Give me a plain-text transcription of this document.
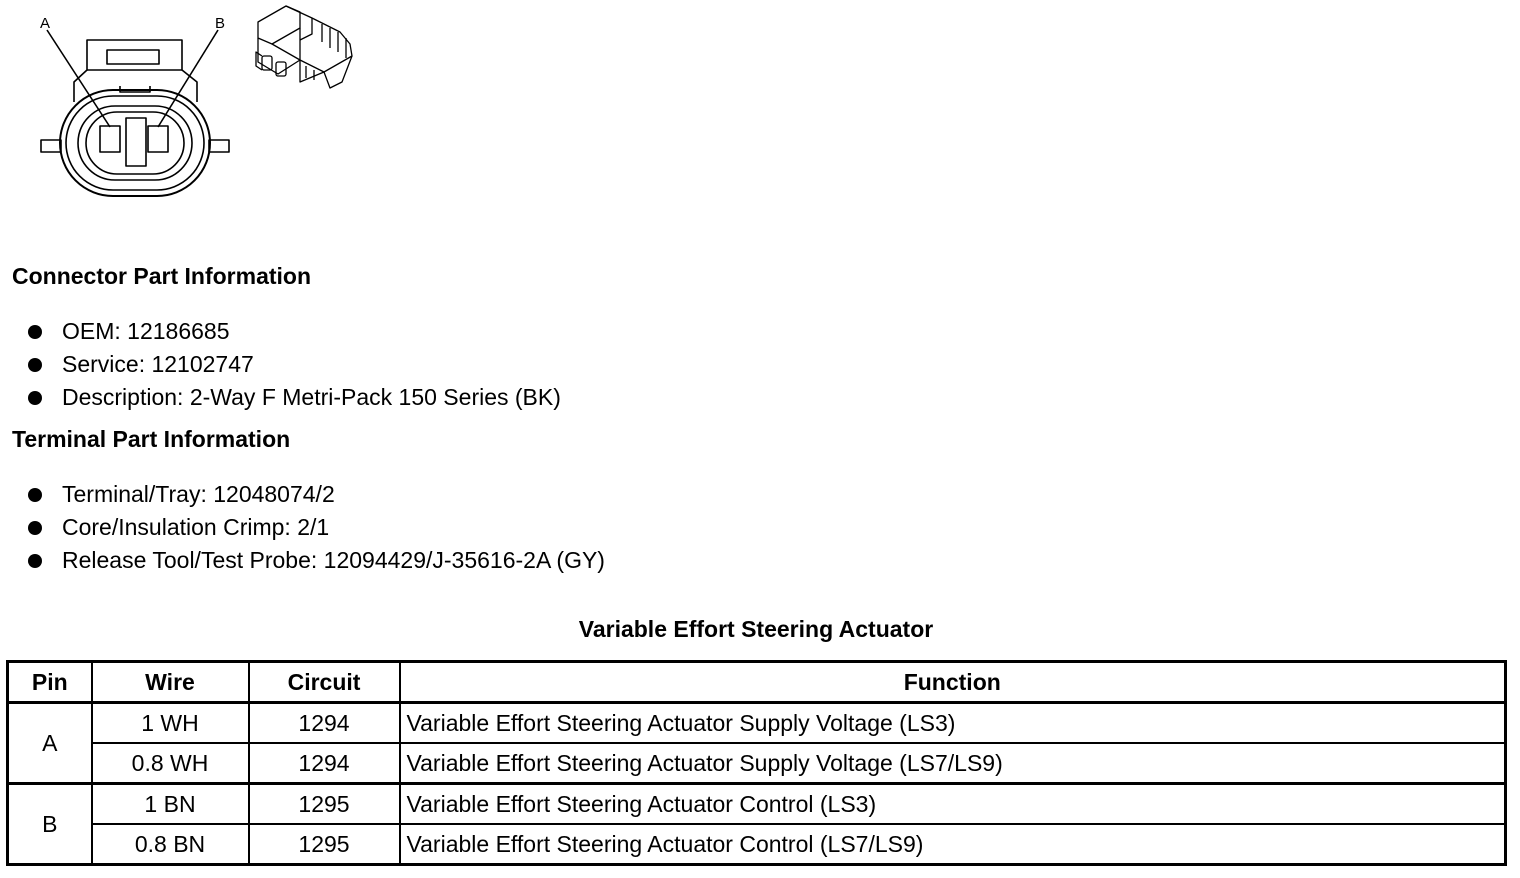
A	B
Connector Part Information
OEM: 12186685
Service: 12102747
Description: 2-Way F Metri-Pack 150 Series (BK)
Terminal Part Information
Terminal/Tray: 12048074/2
Core/Insulation Crimp: 2/1
Release Tool/Test Probe: 12094429/J-35616-2A (GY)
Variable Effort Steering Actuator
Pin	Wire	Circuit	Function
A	1 WH	1294	Variable Effort Steering Actuator Supply Voltage (LS3)
	0.8 WH	1294	Variable Effort Steering Actuator Supply Voltage (LS7/LS9)
B	1 BN	1295	Variable Effort Steering Actuator Control (LS3)
	0.8 BN	1295	Variable Effort Steering Actuator Control (LS7/LS9)
